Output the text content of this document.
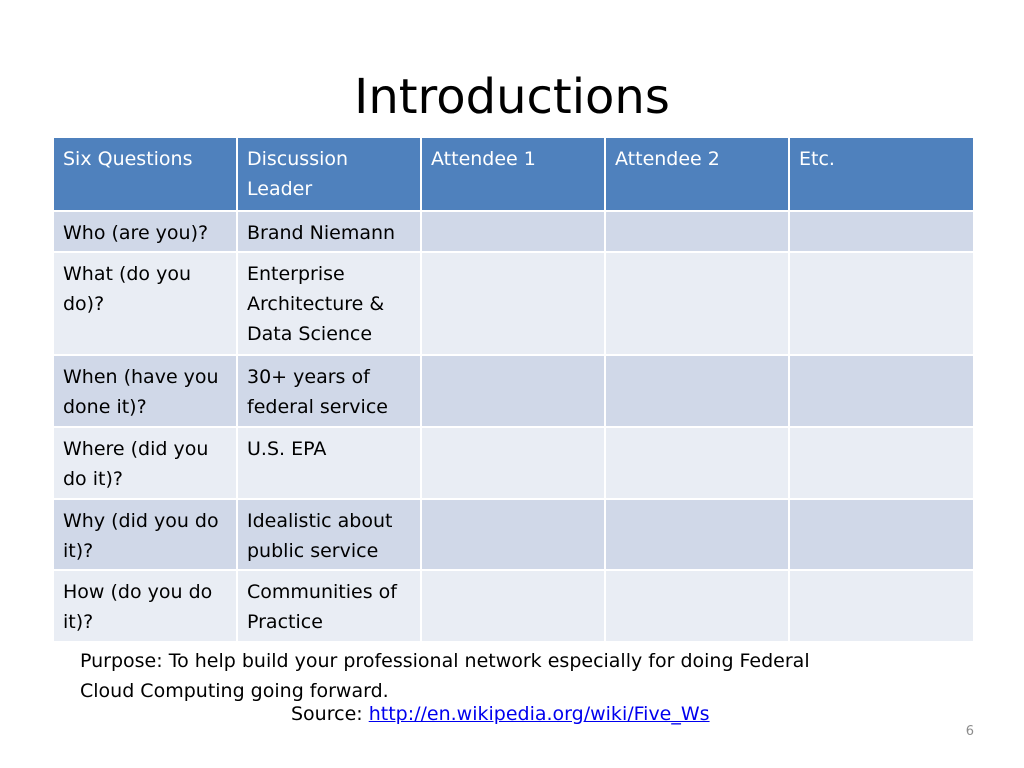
Introductions
Six Questions	Discussion Leader	Attendee 1	Attendee 2	Etc.
Who (are you)?	Brand Niemann			
What (do you do)?	Enterprise Architecture & Data Science			
When (have you done it)?	30+ years of federal service			
Where (did you do it)?	U.S. EPA			
Why (did you do it)?	Idealistic about public service			
How (do you do it)?	Communities of Practice			
Purpose: To help build your professional network especially for doing Federal Cloud Computing going forward.
Source: http://en.wikipedia.org/wiki/Five_Ws
6
